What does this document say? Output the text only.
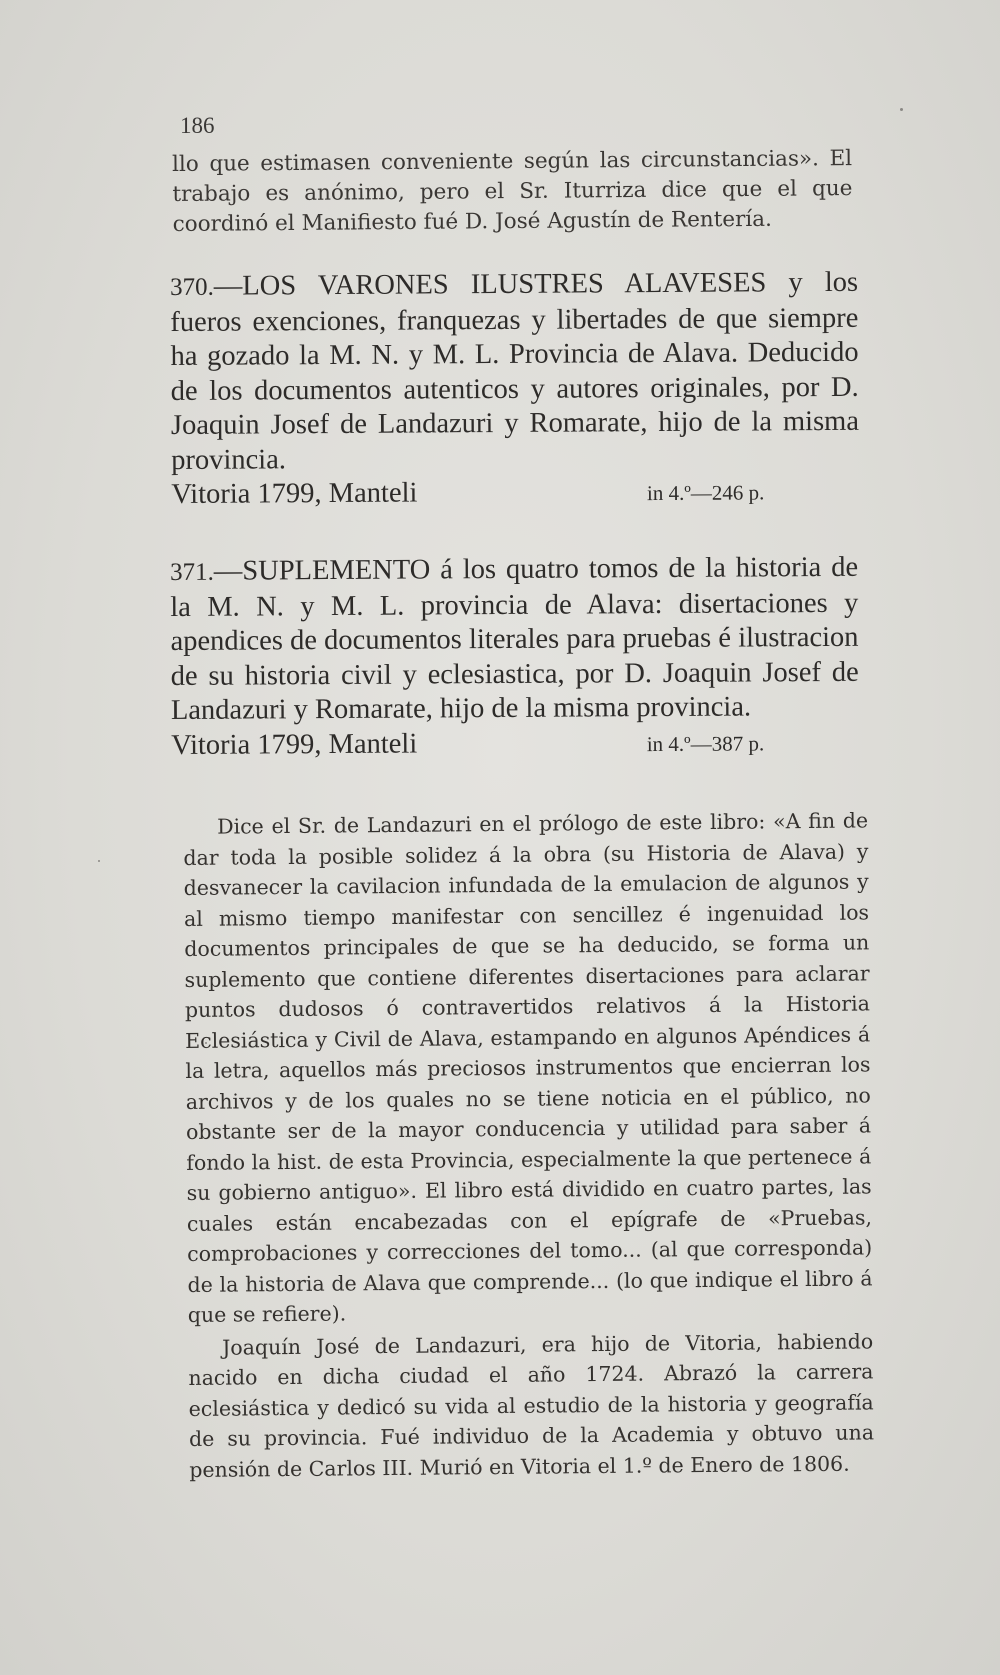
186
llo que estimasen conveniente según las circunstancias». El trabajo es anónimo, pero el Sr. Iturriza dice que el que coordinó el Manifiesto fué D. José Agustín de Rentería.
370.—LOS VARONES ILUSTRES ALAVESES y los fueros exenciones, franquezas y libertades de que siempre ha gozado la M. N. y M. L. Provincia de Alava. Deducido de los documentos autenticos y autores originales, por D. Joaquin Josef de Landazuri y Romarate, hijo de la misma provincia.
Vitoria 1799, Manteli	in 4.º—246 p.
371.—SUPLEMENTO á los quatro tomos de la historia de la M. N. y M. L. provincia de Alava: disertaciones y apendices de documentos literales para pruebas é ilustracion de su historia civil y eclesiastica, por D. Joaquin Josef de Landazuri y Romarate, hijo de la misma provincia.
Vitoria 1799, Manteli	in 4.º—387 p.

Dice el Sr. de Landazuri en el prólogo de este libro: «A fin de dar toda la posible solidez á la obra (su Historia de Alava) y desvanecer la cavilacion infundada de la emulacion de algunos y al mismo tiempo manifestar con sencillez é ingenuidad los documentos principales de que se ha deducido, se forma un suplemento que contiene diferentes disertaciones para aclarar puntos dudosos ó contravertidos relativos á la Historia Eclesiástica y Civil de Alava, estampando en algunos Apéndices á la letra, aquellos más preciosos instrumentos que encierran los archivos y de los quales no se tiene noticia en el público, no obstante ser de la mayor conducencia y utilidad para saber á fondo la hist. de esta Provincia, especialmente la que pertenece á su gobierno antiguo». El libro está dividido en cuatro partes, las cuales están encabezadas con el epígrafe de «Pruebas, comprobaciones y correcciones del tomo... (al que corresponda) de la historia de Alava que comprende... (lo que indique el libro á que se refiere).

Joaquín José de Landazuri, era hijo de Vitoria, habiendo nacido en dicha ciudad el año 1724. Abrazó la carrera eclesiástica y dedicó su vida al estudio de la historia y geografía de su provincia. Fué individuo de la Academia y obtuvo una pensión de Carlos III. Murió en Vitoria el 1.º de Enero de 1806.
